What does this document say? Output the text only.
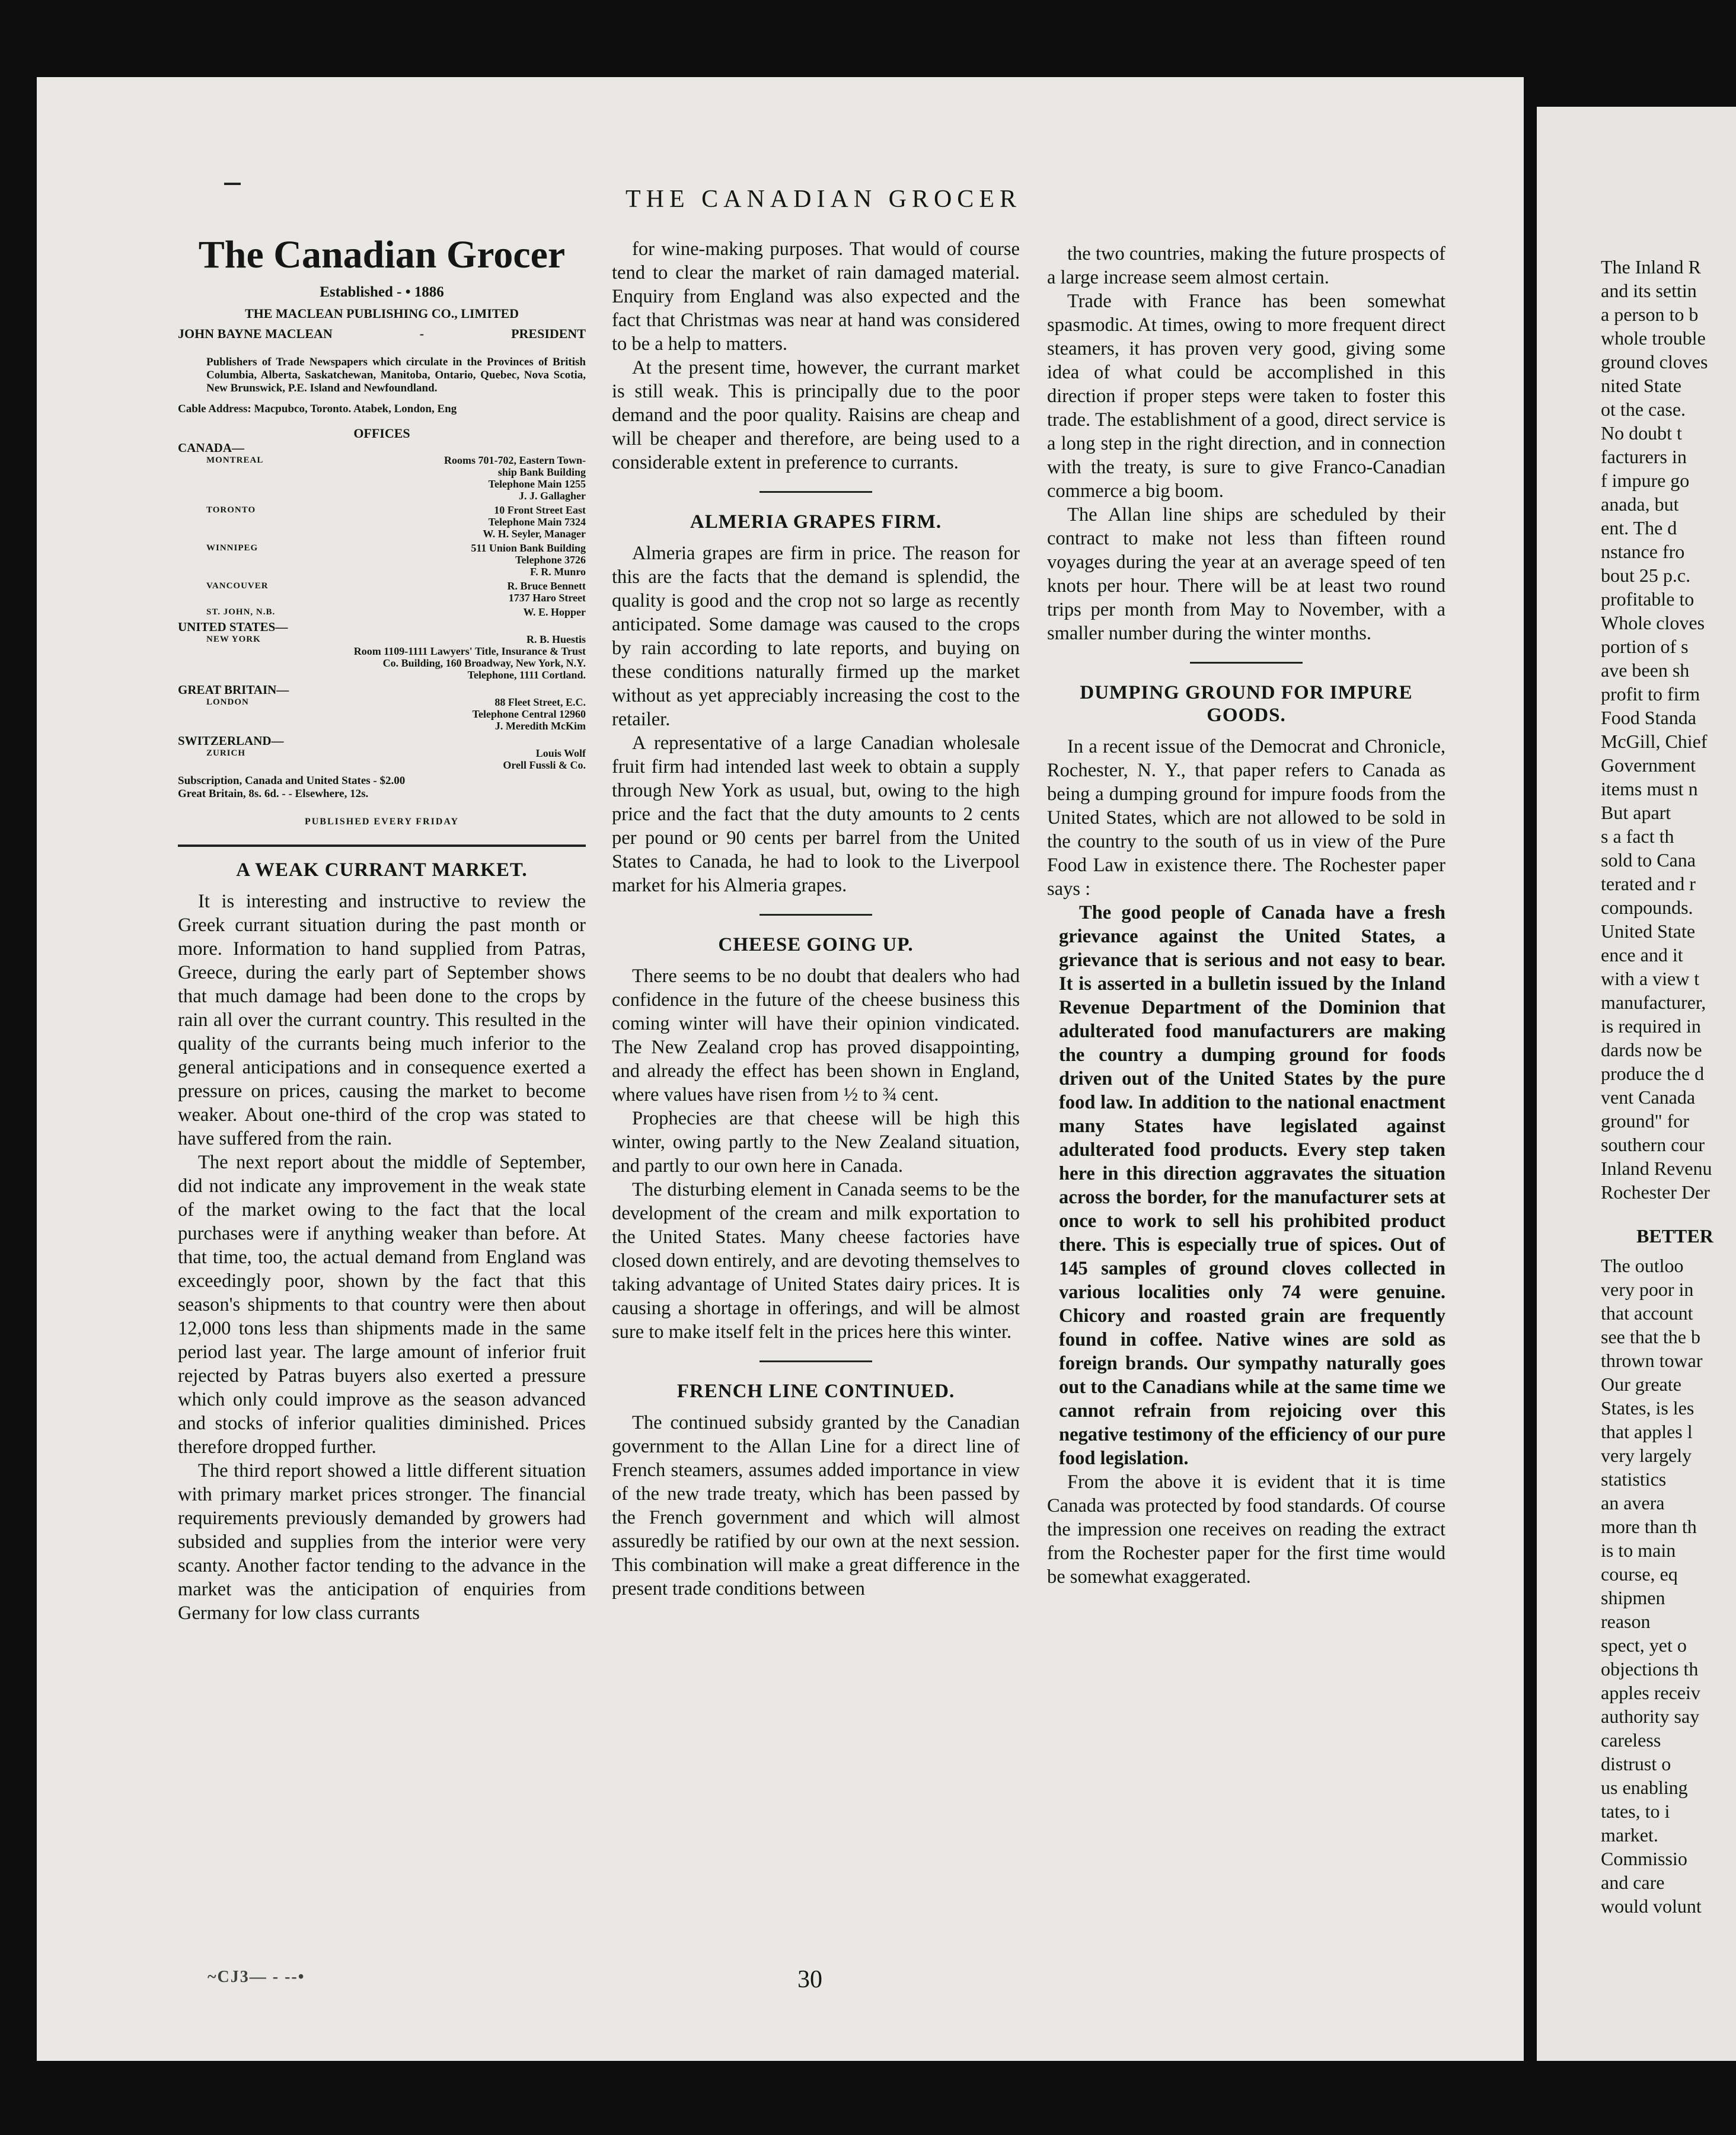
THE CANADIAN GROCER
The Canadian Grocer
Established - • 1886
THE MACLEAN PUBLISHING CO., LIMITED
JOHN BAYNE MACLEAN	-	PRESIDENT
Publishers of Trade Newspapers which circulate in the Provinces of British Columbia, Alberta, Saskatchewan, Manitoba, Ontario, Quebec, Nova Scotia, New Brunswick, P.E. Island and Newfoundland.
Cable Address: Macpubco, Toronto. Atabek, London, Eng
OFFICES
CANADA—
MONTREAL	Rooms 701-702, Eastern Town-
ship Bank Building
Telephone Main 1255
J. J. Gallagher
TORONTO	10 Front Street East
Telephone Main 7324
W. H. Seyler, Manager
WINNIPEG	511 Union Bank Building
Telephone 3726
F. R. Munro
VANCOUVER	R. Bruce Bennett
1737 Haro Street
ST. JOHN, N.B.	W. E. Hopper
UNITED STATES—
NEW YORK	R. B. Huestis
Room 1109-1111 Lawyers' Title, Insurance & Trust
Co. Building, 160 Broadway, New York, N.Y.
Telephone, 1111 Cortland.
GREAT BRITAIN—
LONDON	88 Fleet Street, E.C.
Telephone Central 12960
J. Meredith McKim
SWITZERLAND—
ZURICH	Louis Wolf
Orell Fussli & Co.
Subscription, Canada and United States - $2.00
Great Britain, 8s. 6d. - - Elsewhere, 12s.
PUBLISHED EVERY FRIDAY
A WEAK CURRANT MARKET.

It is interesting and instructive to review the Greek currant situation during the past month or more. Information to hand supplied from Patras, Greece, during the early part of September shows that much damage had been done to the crops by rain all over the currant country. This resulted in the quality of the currants being much inferior to the general anticipations and in consequence exerted a pressure on prices, causing the market to become weaker. About one-third of the crop was stated to have suffered from the rain.

The next report about the middle of September, did not indicate any improvement in the weak state of the market owing to the fact that the local purchases were if anything weaker than before. At that time, too, the actual demand from England was exceedingly poor, shown by the fact that this season's shipments to that country were then about 12,000 tons less than shipments made in the same period last year. The large amount of inferior fruit rejected by Patras buyers also exerted a pressure which only could improve as the season advanced and stocks of inferior qualities diminished. Prices therefore dropped further.

The third report showed a little different situation with primary market prices stronger. The financial requirements previously demanded by growers had subsided and supplies from the interior were very scanty. Another factor tending to the advance in the market was the anticipation of enquiries from Germany for low class currants

for wine-making purposes. That would of course tend to clear the market of rain damaged material. Enquiry from England was also expected and the fact that Christmas was near at hand was considered to be a help to matters.

At the present time, however, the currant market is still weak. This is principally due to the poor demand and the poor quality. Raisins are cheap and will be cheaper and therefore, are being used to a considerable extent in preference to currants.

ALMERIA GRAPES FIRM.

Almeria grapes are firm in price. The reason for this are the facts that the demand is splendid, the quality is good and the crop not so large as recently anticipated. Some damage was caused to the crops by rain according to late reports, and buying on these conditions naturally firmed up the market without as yet appreciably increasing the cost to the retailer.

A representative of a large Canadian wholesale fruit firm had intended last week to obtain a supply through New York as usual, but, owing to the high price and the fact that the duty amounts to 2 cents per pound or 90 cents per barrel from the United States to Canada, he had to look to the Liverpool market for his Almeria grapes.

CHEESE GOING UP.

There seems to be no doubt that dealers who had confidence in the future of the cheese business this coming winter will have their opinion vindicated. The New Zealand crop has proved disappointing, and already the effect has been shown in England, where values have risen from ½ to ¾ cent.

Prophecies are that cheese will be high this winter, owing partly to the New Zealand situation, and partly to our own here in Canada.

The disturbing element in Canada seems to be the development of the cream and milk exportation to the United States. Many cheese factories have closed down entirely, and are devoting themselves to taking advantage of United States dairy prices. It is causing a shortage in offerings, and will be almost sure to make itself felt in the prices here this winter.

FRENCH LINE CONTINUED.

The continued subsidy granted by the Canadian government to the Allan Line for a direct line of French steamers, assumes added importance in view of the new trade treaty, which has been passed by the French government and which will almost assuredly be ratified by our own at the next session. This combination will make a great difference in the present trade conditions between

the two countries, making the future prospects of a large increase seem almost certain.

Trade with France has been somewhat spasmodic. At times, owing to more frequent direct steamers, it has proven very good, giving some idea of what could be accomplished in this direction if proper steps were taken to foster this trade. The establishment of a good, direct service is a long step in the right direction, and in connection with the treaty, is sure to give Franco-Canadian commerce a big boom.

The Allan line ships are scheduled by their contract to make not less than fifteen round voyages during the year at an average speed of ten knots per hour. There will be at least two round trips per month from May to November, with a smaller number during the winter months.

DUMPING GROUND FOR IMPURE GOODS.

In a recent issue of the Democrat and Chronicle, Rochester, N. Y., that paper refers to Canada as being a dumping ground for impure foods from the United States, which are not allowed to be sold in the country to the south of us in view of the Pure Food Law in existence there. The Rochester paper says :

The good people of Canada have a fresh grievance against the United States, a grievance that is serious and not easy to bear. It is asserted in a bulletin issued by the Inland Revenue Department of the Dominion that adulterated food manufacturers are making the country a dumping ground for foods driven out of the United States by the pure food law. In addition to the national enactment many States have legislated against adulterated food products. Every step taken here in this direction aggravates the situation across the border, for the manufacturer sets at once to work to sell his prohibited product there. This is especially true of spices. Out of 145 samples of ground cloves collected in various localities only 74 were genuine. Chicory and roasted grain are frequently found in coffee. Native wines are sold as foreign brands. Our sympathy naturally goes out to the Canadians while at the same time we cannot refrain from rejoicing over this negative testimony of the efficiency of our pure food legislation.

From the above it is evident that it is time Canada was protected by food standards. Of course the impression one receives on reading the extract from the Rochester paper for the first time would be somewhat exaggerated.

The Inland R
and its settin
a person to b
whole trouble
ground cloves
nited State
ot the case.
No doubt t
facturers in
f impure go
anada, but
ent. The d
nstance fro
bout 25 p.c.
profitable to
Whole cloves
portion of s
ave been sh
profit to firm
Food Standa
McGill, Chief
Government
items must n
But apart
s a fact th
sold to Cana
terated and r
compounds.
United State
ence and it
with a view t
manufacturer,
is required in
dards now be
produce the d
vent Canada
ground" for
southern cour
Inland Revenu
Rochester Der
BETTER
The outloo
very poor in
that account
see that the b
thrown towar
Our greate
States, is les
that apples l
very largely
statistics
an avera
more than th
is to main
course, eq
shipmen
reason
spect, yet o
objections th
apples receiv
authority say
careless
distrust o
us enabling
tates, to i
market.
Commissio
and care
would volunt
~CJ3— - --•	30
